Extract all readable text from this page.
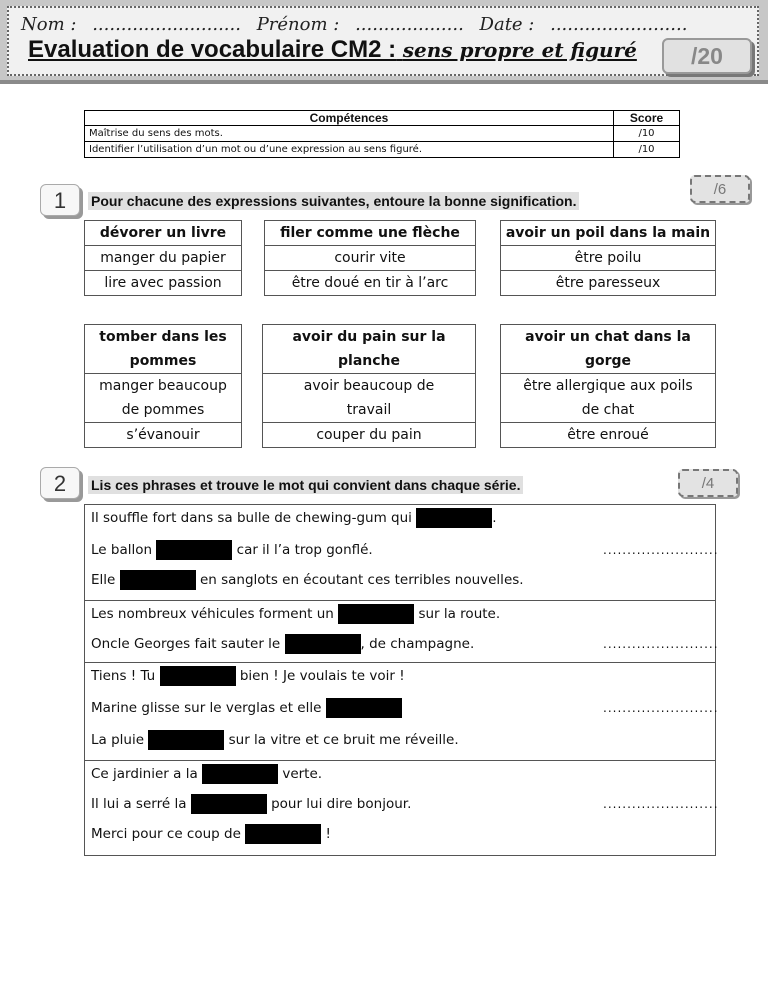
Nom : .......................... Prénom : ................... Date : ........................
Evaluation de vocabulaire CM2 : sens propre et figuré	/20
Compétences	Score
Maîtrise du sens des mots.	/10
Identifier l’utilisation d’un mot ou d’une expression au sens figuré.	/10
1	Pour chacune des expressions suivantes, entoure la bonne signification.
/6
dévorer un livre
manger du papier
lire avec passion
filer comme une flèche
courir vite
être doué en tir à l’arc
avoir un poil dans la main
être poilu
être paresseux
tomber dans les
pommes
manger beaucoup
de pommes
s’évanouir
avoir du pain sur la
planche
avoir beaucoup de
travail
couper du pain
avoir un chat dans la
gorge
être allergique aux poils
de chat
être enroué
2	Lis ces phrases et trouve le mot qui convient dans chaque série.	/4
Il souffle fort dans sa bulle de chewing-gum qui	.
Le ballon	car il l’a trop gonflé.	........................
Elle	en sanglots en écoutant ces terribles nouvelles.
Les nombreux véhicules forment un	sur la route.
Oncle Georges fait sauter le	, de champagne.	........................
Tiens ! Tu	bien ! Je voulais te voir !
Marine glisse sur le verglas et elle	........................
La pluie	sur la vitre et ce bruit me réveille.
Ce jardinier a la	verte.
Il lui a serré la	pour lui dire bonjour.	........................
Merci pour ce coup de	!
